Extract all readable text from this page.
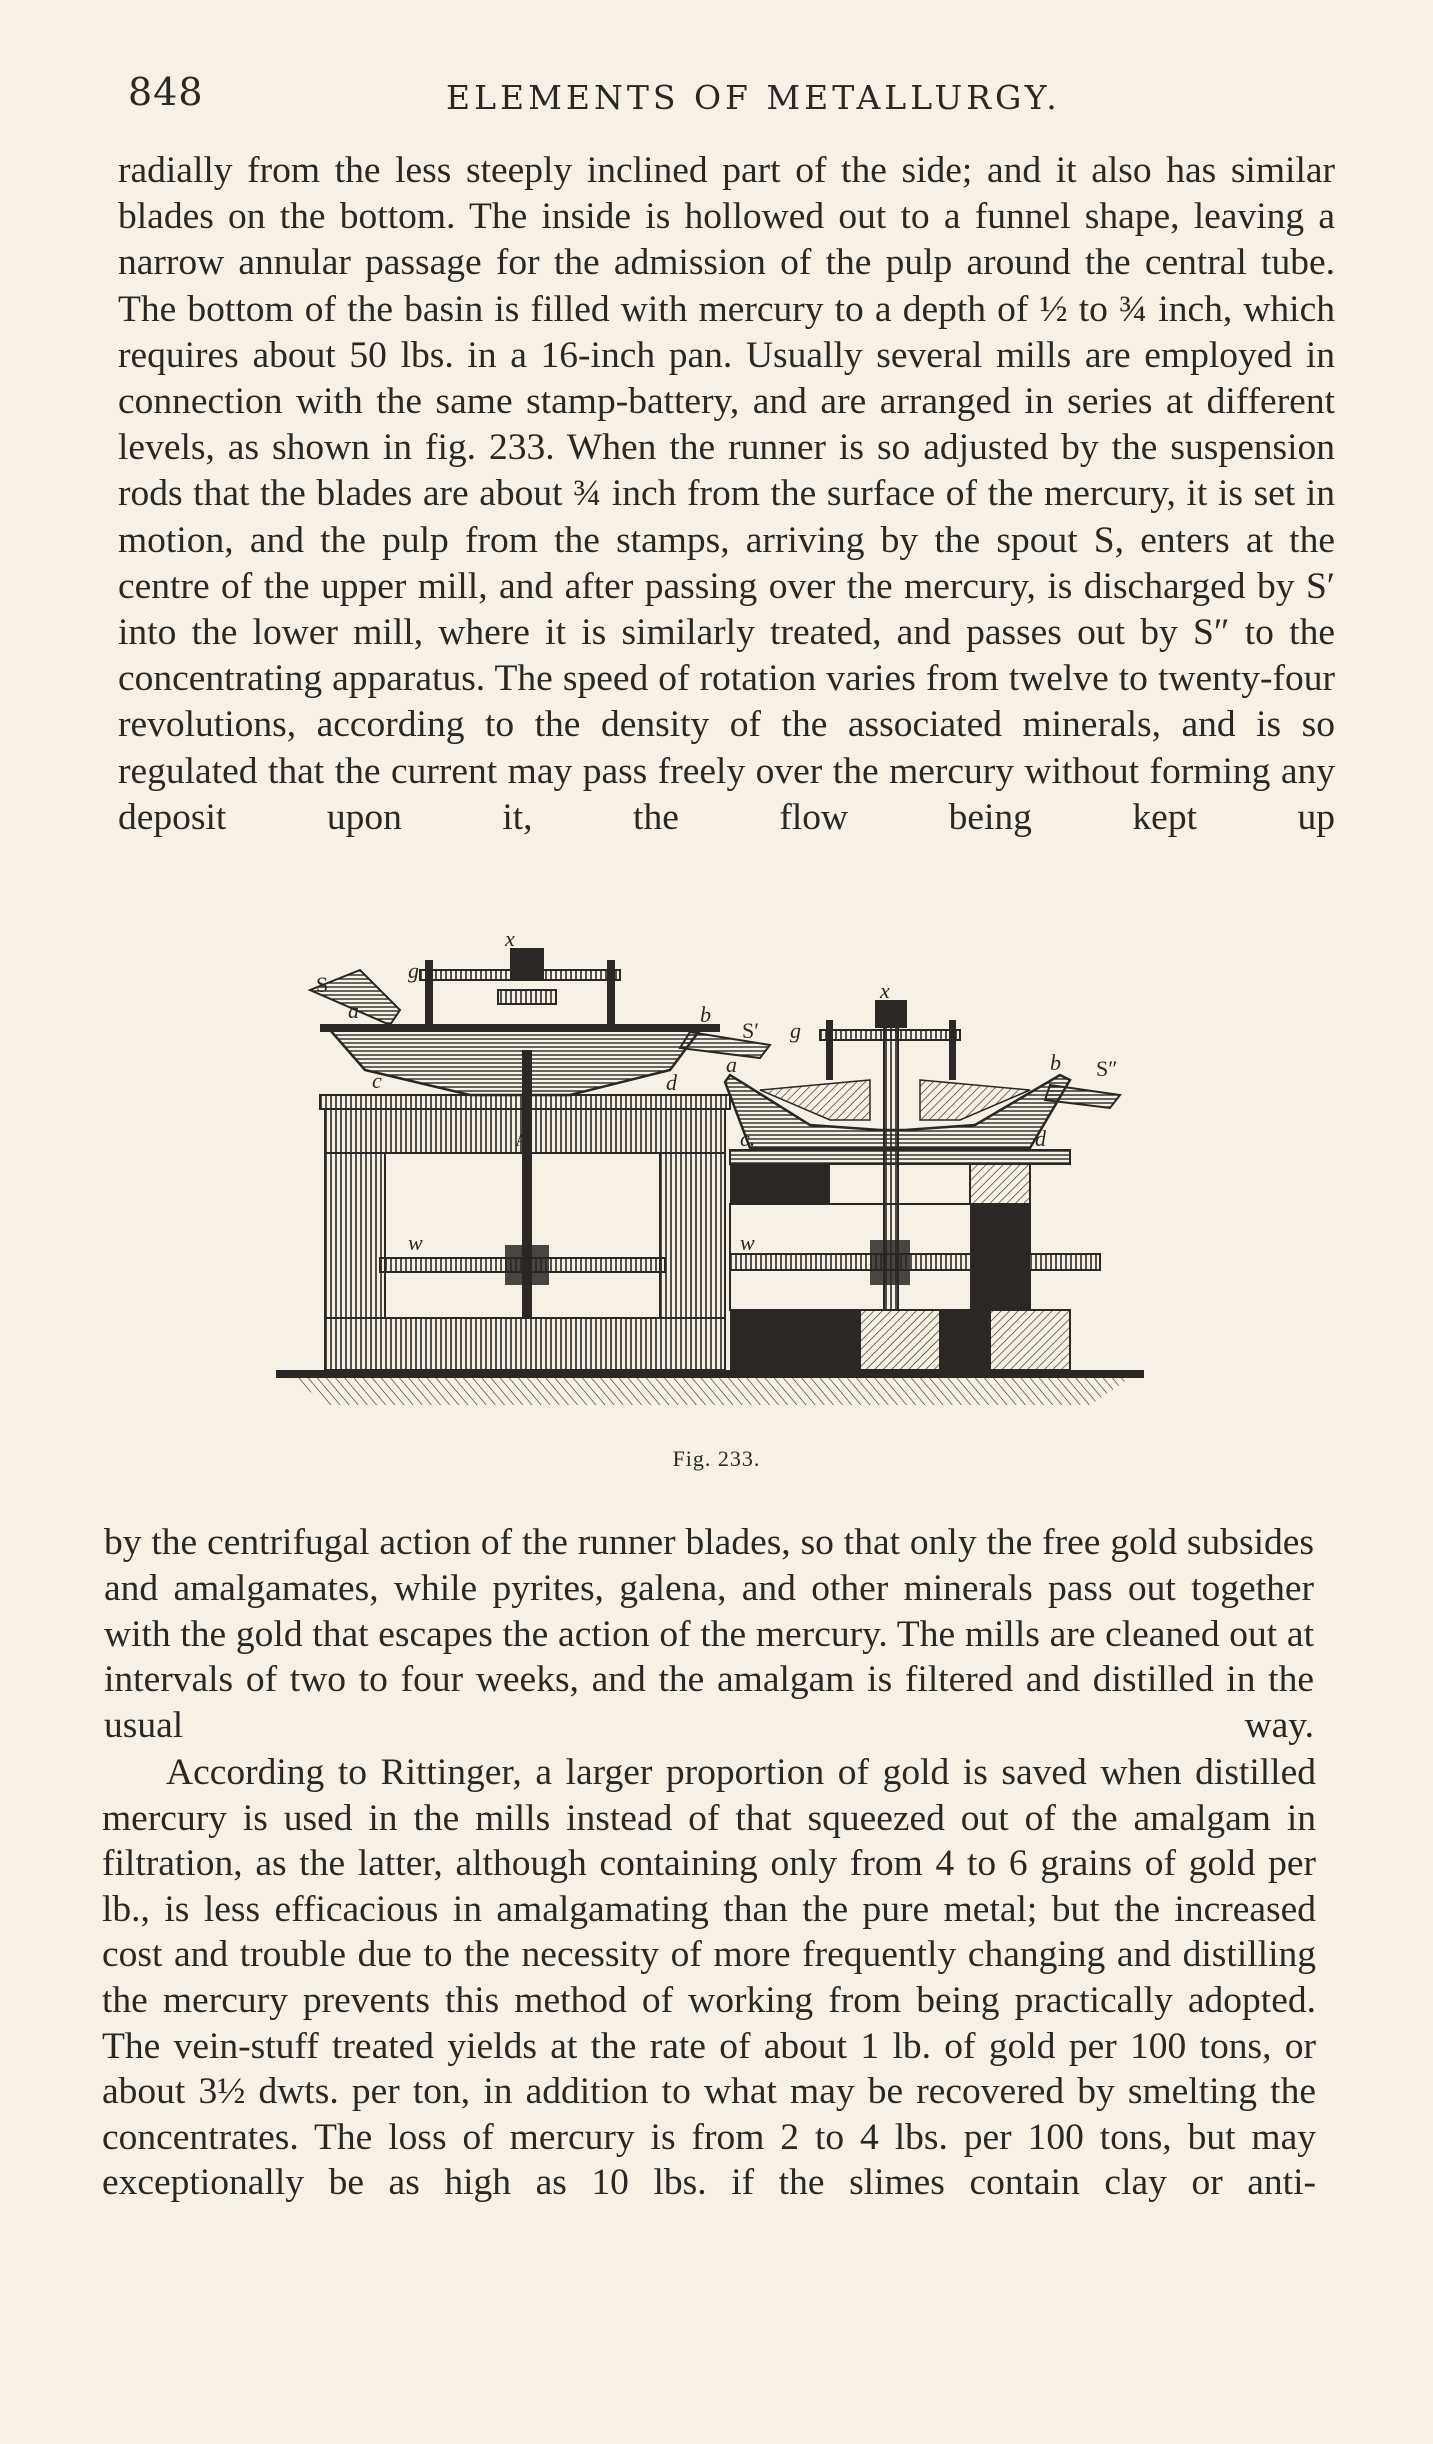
848	ELEMENTS OF METALLURGY.

radially from the less steeply inclined part of the side; and it also has similar blades on the bottom. The inside is hollowed out to a funnel shape, leaving a narrow annular passage for the admission of the pulp around the central tube. The bottom of the basin is filled with mercury to a depth of ½ to ¾ inch, which requires about 50 lbs. in a 16-inch pan. Usually several mills are employed in connection with the same stamp-battery, and are arranged in series at different levels, as shown in fig. 233. When the runner is so adjusted by the suspension rods that the blades are about ¾ inch from the surface of the mercury, it is set in motion, and the pulp from the stamps, arriving by the spout S, enters at the centre of the upper mill, and after passing over the mercury, is discharged by S′ into the lower mill, where it is similarly treated, and passes out by S″ to the concentrating apparatus. The speed of rotation varies from twelve to twenty-four revolutions, according to the density of the associated minerals, and is so regulated that the current may pass freely over the mercury without forming any deposit upon it, the flow being kept up

x
g
S
a	b
c	d
A
w
x
S′ g
a	b S″
c.	d
w
Fig. 233.

by the centrifugal action of the runner blades, so that only the free gold subsides and amalgamates, while pyrites, galena, and other minerals pass out together with the gold that escapes the action of the mercury. The mills are cleaned out at intervals of two to four weeks, and the amalgam is filtered and distilled in the usual way.

According to Rittinger, a larger proportion of gold is saved when distilled mercury is used in the mills instead of that squeezed out of the amalgam in filtration, as the latter, although containing only from 4 to 6 grains of gold per lb., is less efficacious in amalgamating than the pure metal; but the increased cost and trouble due to the necessity of more frequently changing and distilling the mercury prevents this method of working from being practically adopted. The vein-stuff treated yields at the rate of about 1 lb. of gold per 100 tons, or about 3½ dwts. per ton, in addition to what may be recovered by smelting the concentrates. The loss of mercury is from 2 to 4 lbs. per 100 tons, but may exceptionally be as high as 10 lbs. if the slimes contain clay or anti-
